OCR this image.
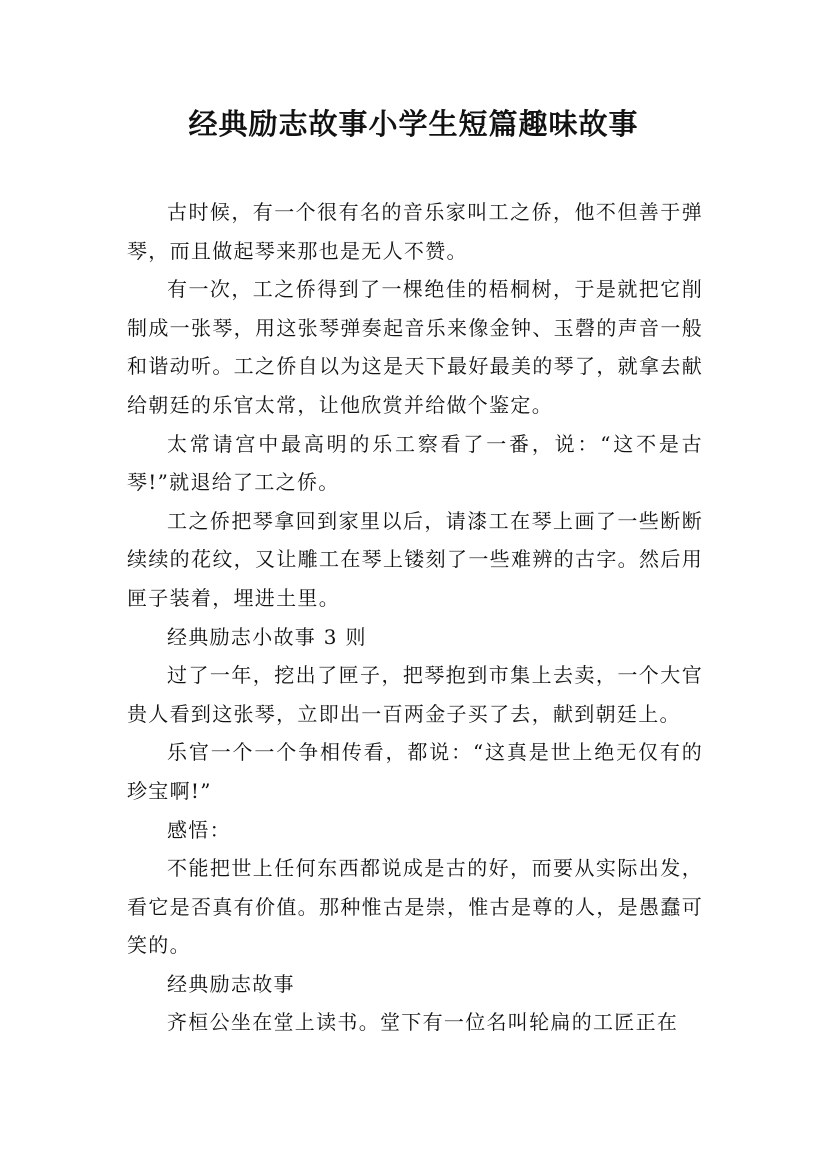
经典励志故事小学生短篇趣味故事

古时候，有一个很有名的音乐家叫工之侨，他不但善于弹琴，而且做起琴来那也是无人不赞。

有一次，工之侨得到了一棵绝佳的梧桐树，于是就把它削制成一张琴，用这张琴弹奏起音乐来像金钟、玉磬的声音一般和谐动听。工之侨自以为这是天下最好最美的琴了，就拿去献给朝廷的乐官太常，让他欣赏并给做个鉴定。

太常请宫中最高明的乐工察看了一番，说：“这不是古琴!”就退给了工之侨。

工之侨把琴拿回到家里以后，请漆工在琴上画了一些断断续续的花纹，又让雕工在琴上镂刻了一些难辨的古字。然后用匣子装着，埋进土里。

经典励志小故事 3 则

过了一年，挖出了匣子，把琴抱到市集上去卖，一个大官贵人看到这张琴，立即出一百两金子买了去，献到朝廷上。

乐官一个一个争相传看，都说：“这真是世上绝无仅有的珍宝啊!”

感悟：

不能把世上任何东西都说成是古的好，而要从实际出发，看它是否真有价值。那种惟古是崇，惟古是尊的人，是愚蠢可笑的。

经典励志故事

齐桓公坐在堂上读书。堂下有一位名叫轮扁的工匠正在
